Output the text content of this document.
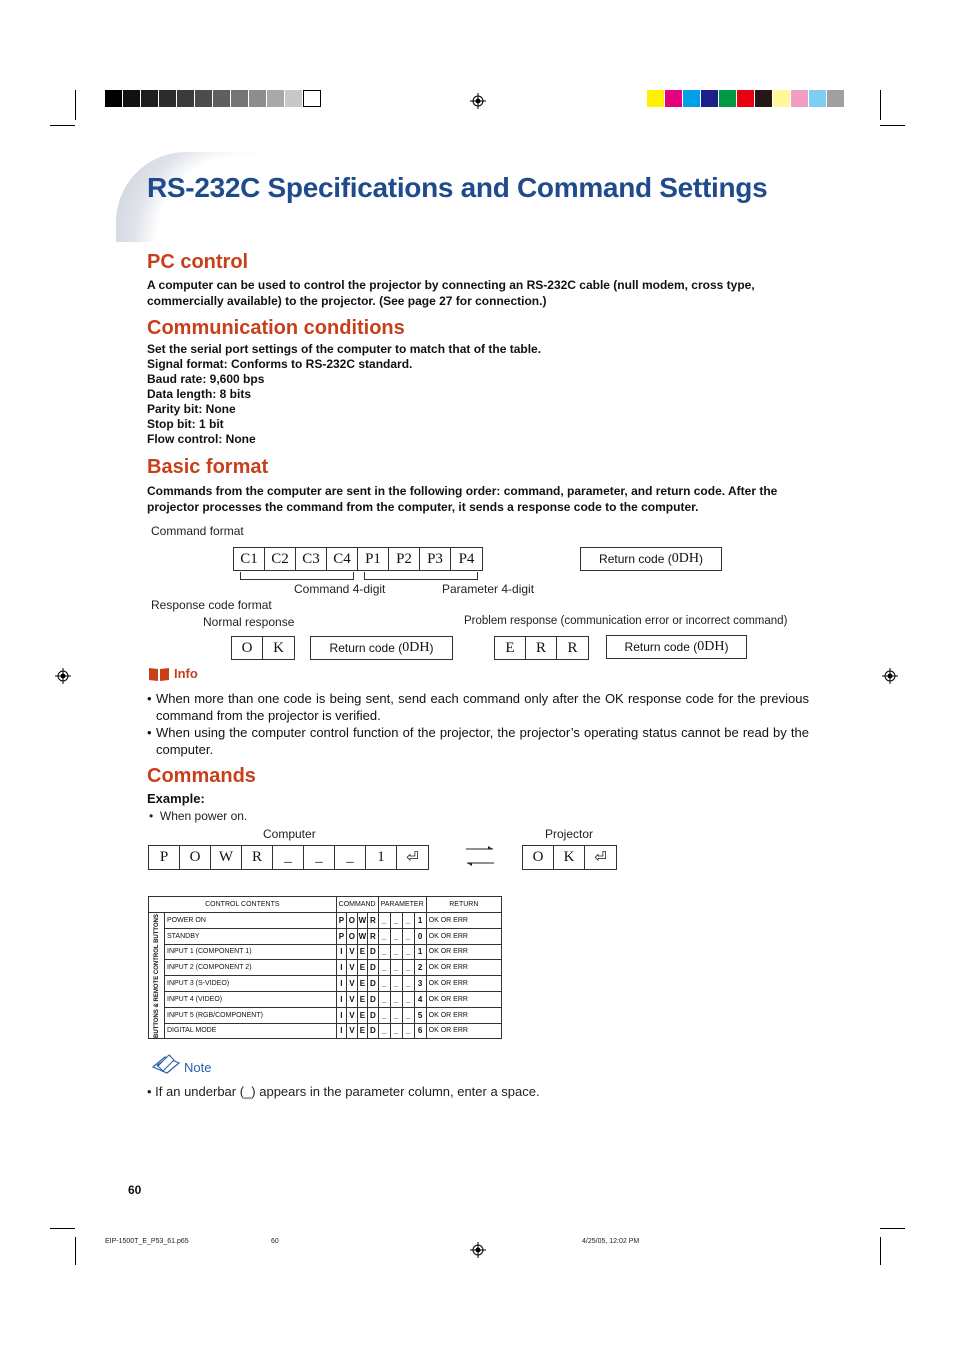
RS-232C Specifications and Command Settings
PC control
A computer can be used to control the projector by connecting an RS-232C cable (null modem, cross type, commercially available) to the projector. (See page 27 for connection.)
Communication conditions
Set the serial port settings of the computer to match that of the table.
Signal format: Conforms to RS-232C standard.
Baud rate: 9,600 bps
Data length: 8 bits
Parity bit: None
Stop bit: 1 bit
Flow control: None
Basic format
Commands from the computer are sent in the following order: command, parameter, and return code. After the projector processes the command from the computer, it sends a response code to the computer.
Command format
C1 C2 C3 C4 P1	P2	P3	P4
Command 4-digit	Parameter 4-digit
Return code ( 0DH )
Response code format
Normal response	Problem response (communication error or incorrect command)
O	K	Return code ( 0DH )	E	R	R	Return code ( 0DH )
Info
• When more than one code is being sent, send each command only after the OK response code for the previous command from the projector is verified.
• When using the computer control function of the projector, the projector’s operating status cannot be read by the computer.
Commands
Example:
•  When power on.
Computer	Projector
P	O	W	R	_	_	_	1	⏎	O	K	⏎
CONTROL CONTENTS		COMMAND				PARAMETER				RETURN

BUTTONS & REMOTE CONTROL BUTTONS	POWER ON	P	O	W	R	_	_	_	1	OK OR ERR
	STANDBY	P	O	W	R	_	_	_	0	OK OR ERR
	INPUT 1 (COMPONENT 1)	I	V	E	D	_	_	_	1	OK OR ERR
	INPUT 2 (COMPONENT 2)	I	V	E	D	_	_	_	2	OK OR ERR
	INPUT 3 (S-VIDEO)	I	V	E	D	_	_	_	3	OK OR ERR
	INPUT 4 (VIDEO)	I	V	E	D	_	_	_	4	OK OR ERR
	INPUT 5 (RGB/COMPONENT)	I	V	E	D	_	_	_	5	OK OR ERR
	DIGITAL MODE	I	V	E	D	_	_	_	6	OK OR ERR
Note
• If an underbar (_) appears in the parameter column, enter a space.
60
EIP-1500T_E_P53_61.p65	60	4/25/05, 12:02 PM
